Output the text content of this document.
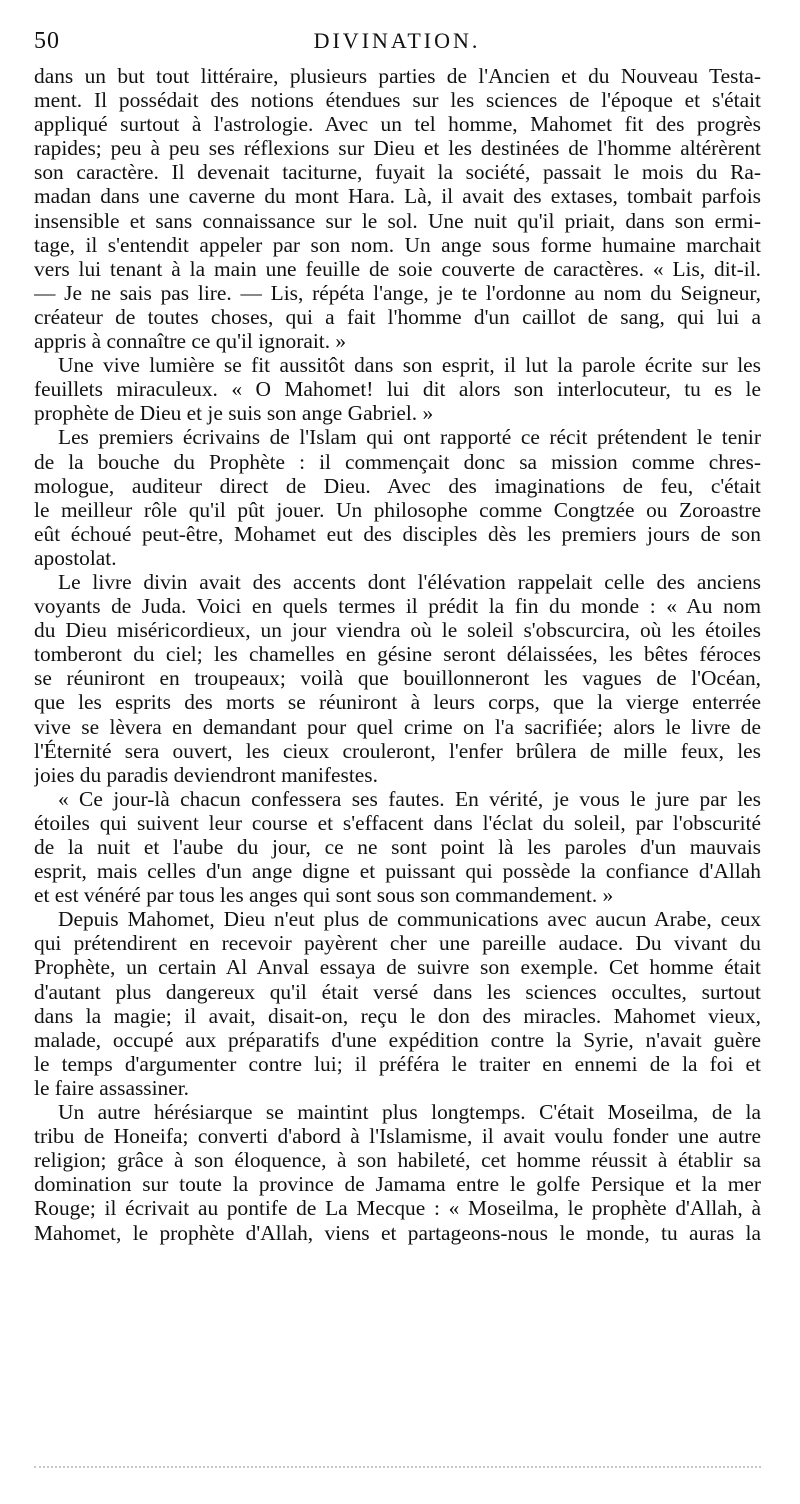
50	DIVINATION.
dans un but tout littéraire, plusieurs parties de l'Ancien et du Nouveau Testa-
ment. Il possédait des notions étendues sur les sciences de l'époque et s'était
appliqué surtout à l'astrologie. Avec un tel homme, Mahomet fit des progrès
rapides; peu à peu ses réflexions sur Dieu et les destinées de l'homme altérèrent
son caractère. Il devenait taciturne, fuyait la société, passait le mois du Ra-
madan dans une caverne du mont Hara. Là, il avait des extases, tombait parfois
insensible et sans connaissance sur le sol. Une nuit qu'il priait, dans son ermi-
tage, il s'entendit appeler par son nom. Un ange sous forme humaine marchait
vers lui tenant à la main une feuille de soie couverte de caractères. « Lis, dit-il.
— Je ne sais pas lire. — Lis, répéta l'ange, je te l'ordonne au nom du Seigneur,
créateur de toutes choses, qui a fait l'homme d'un caillot de sang, qui lui a
appris à connaître ce qu'il ignorait. »
Une vive lumière se fit aussitôt dans son esprit, il lut la parole écrite sur les
feuillets miraculeux. « O Mahomet! lui dit alors son interlocuteur, tu es le
prophète de Dieu et je suis son ange Gabriel. »
Les premiers écrivains de l'Islam qui ont rapporté ce récit prétendent le tenir
de la bouche du Prophète : il commençait donc sa mission comme chres-
mologue, auditeur direct de Dieu. Avec des imaginations de feu, c'était
le meilleur rôle qu'il pût jouer. Un philosophe comme Congtzée ou Zoroastre
eût échoué peut-être, Mohamet eut des disciples dès les premiers jours de son
apostolat.
Le livre divin avait des accents dont l'élévation rappelait celle des anciens
voyants de Juda. Voici en quels termes il prédit la fin du monde : « Au nom
du Dieu miséricordieux, un jour viendra où le soleil s'obscurcira, où les étoiles
tomberont du ciel; les chamelles en gésine seront délaissées, les bêtes féroces
se réuniront en troupeaux; voilà que bouillonneront les vagues de l'Océan,
que les esprits des morts se réuniront à leurs corps, que la vierge enterrée
vive se lèvera en demandant pour quel crime on l'a sacrifiée; alors le livre de
l'Éternité sera ouvert, les cieux crouleront, l'enfer brûlera de mille feux, les
joies du paradis deviendront manifestes.
« Ce jour-là chacun confessera ses fautes. En vérité, je vous le jure par les
étoiles qui suivent leur course et s'effacent dans l'éclat du soleil, par l'obscurité
de la nuit et l'aube du jour, ce ne sont point là les paroles d'un mauvais
esprit, mais celles d'un ange digne et puissant qui possède la confiance d'Allah
et est vénéré par tous les anges qui sont sous son commandement. »
Depuis Mahomet, Dieu n'eut plus de communications avec aucun Arabe, ceux
qui prétendirent en recevoir payèrent cher une pareille audace. Du vivant du
Prophète, un certain Al Anval essaya de suivre son exemple. Cet homme était
d'autant plus dangereux qu'il était versé dans les sciences occultes, surtout
dans la magie; il avait, disait-on, reçu le don des miracles. Mahomet vieux,
malade, occupé aux préparatifs d'une expédition contre la Syrie, n'avait guère
le temps d'argumenter contre lui; il préféra le traiter en ennemi de la foi et
le faire assassiner.
Un autre hérésiarque se maintint plus longtemps. C'était Moseilma, de la
tribu de Honeifa; converti d'abord à l'Islamisme, il avait voulu fonder une autre
religion; grâce à son éloquence, à son habileté, cet homme réussit à établir sa
domination sur toute la province de Jamama entre le golfe Persique et la mer
Rouge; il écrivait au pontife de La Mecque : « Moseilma, le prophète d'Allah, à
Mahomet, le prophète d'Allah, viens et partageons-nous le monde, tu auras la
